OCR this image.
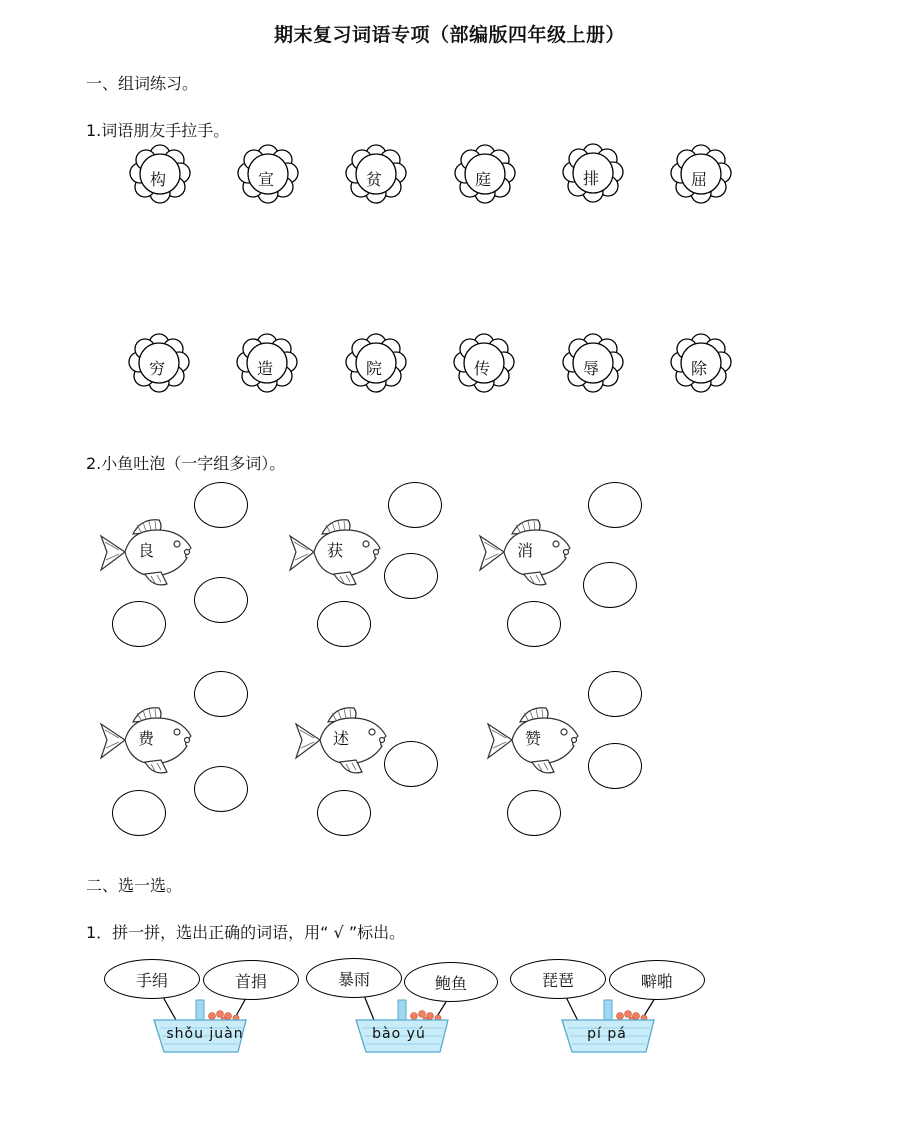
期末复习词语专项（部编版四年级上册）
一、组词练习。
1.词语朋友手拉手。
构	宣	贫	庭	排	屈
穷	造	院	传	辱	除
2.小鱼吐泡（一字组多词）。
良	获	消
费	述	赞
二、选一选。
1．拼一拼，选出正确的词语，用“ √ ”标出。
shǒu juàn
手绢	首捐
bào yú
暴雨	鲍鱼
pí pá
琵琶	噼啪
